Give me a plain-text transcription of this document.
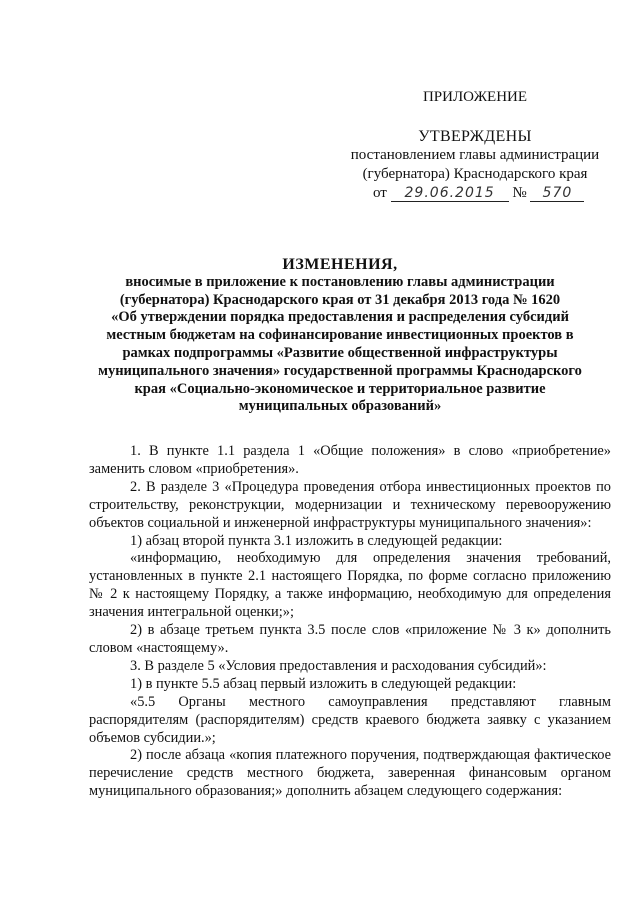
ПРИЛОЖЕНИЕ
УТВЕРЖДЕНЫ
постановлением главы администрации
(губернатора) Краснодарского края
от 29.06.2015 № 570
ИЗМЕНЕНИЯ,
вносимые в приложение к постановлению главы администрации
(губернатора) Краснодарского края от 31 декабря 2013 года № 1620
«Об утверждении порядка предоставления и распределения субсидий
местным бюджетам на софинансирование инвестиционных проектов в
рамках подпрограммы «Развитие общественной инфраструктуры
муниципального значения» государственной программы Краснодарского
края «Социально-экономическое и территориальное развитие
муниципальных образований»

1. В пункте 1.1 раздела 1 «Общие положения» в слово «приобретение» заменить словом «приобретения».

2. В разделе 3 «Процедура проведения отбора инвестиционных проектов по строительству, реконструкции, модернизации и техническому перевооружению объектов социальной и инженерной инфраструктуры муниципального значения»:

1) абзац второй пункта 3.1 изложить в следующей редакции:

«информацию, необходимую для определения значения требований, установленных в пункте 2.1 настоящего Порядка, по форме согласно приложению № 2 к настоящему Порядку, а также информацию, необходимую для определения значения интегральной оценки;»;

2) в абзаце третьем пункта 3.5 после слов «приложение № 3 к» дополнить словом «настоящему».

3. В разделе 5 «Условия предоставления и расходования субсидий»:

1) в пункте 5.5 абзац первый изложить в следующей редакции:

«5.5 Органы местного самоуправления представляют главным распорядителям (распорядителям) средств краевого бюджета заявку с указанием объемов субсидии.»;

2) после абзаца «копия платежного поручения, подтверждающая фактическое перечисление средств местного бюджета, заверенная финансовым органом муниципального образования;» дополнить абзацем следующего содержания:
